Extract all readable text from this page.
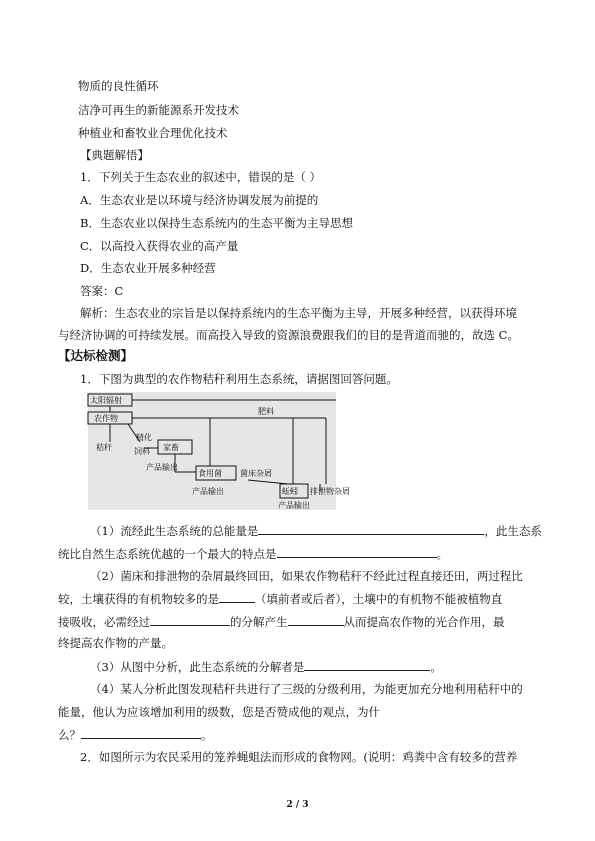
物质的良性循环
洁净可再生的新能源系开发技术
种植业和畜牧业合理优化技术
【典题解悟】
1．下列关于生态农业的叙述中，错误的是（ ）
A．生态农业是以环境与经济协调发展为前提的
B．生态农业以保持生态系统内的生态平衡为主导思想
C．以高投入获得农业的高产量
D．生态农业开展多种经营
答案：C
解析：生态农业的宗旨是以保持系统内的生态平衡为主导，开展多种经营，以获得环境
与经济协调的可持续发展。而高投入导致的资源浪费跟我们的目的是背道而驰的，故选 C。
【达标检测】
1．下图为典型的农作物秸秆利用生态系统，请据图回答问题。
太阳辐射
农作物
秸秆
精化
饲料 家畜
肥料
食用菌 菌床杂屑
蚯蚓 排泄物杂屑
产品输出
产品输出
产品输出
（1）流经此生态系统的总能量是	，此生态系
统比自然生态系统优越的一个最大的特点是	。
（2）菌床和排泄物的杂屑最终回田，如果农作物秸秆不经此过程直接还田，两过程比
较，土壤获得的有机物较多的是	（填前者或后者），土壤中的有机物不能被植物直
接吸收，必需经过	的分解产生	从而提高农作物的光合作用，最
终提高农作物的产量。
（3）从图中分析，此生态系统的分解者是	。
（4）某人分析此图发现秸秆共进行了三级的分级利用，为能更加充分地利用秸秆中的
能量，他认为应该增加利用的级数，您是否赞成他的观点，为什
么？	。
2．如图所示为农民采用的笼养蝇蛆法而形成的食物网。(说明：鸡粪中含有较多的营养
2 / 3
